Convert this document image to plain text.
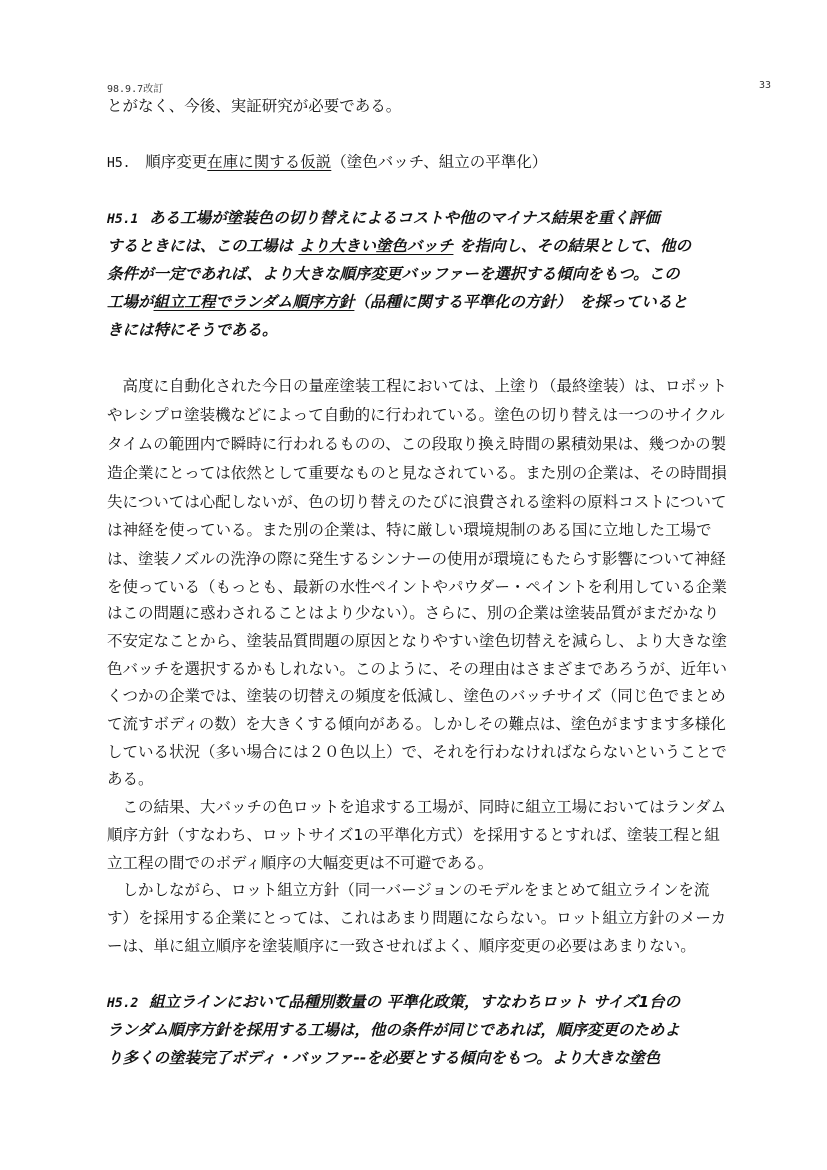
98.9.7改訂	33
とがなく、今後、実証研究が必要である。
H5. 順序変更在庫に関する仮説（塗色バッチ、組立の平準化）
H5.1 ある工場が塗装色の切り替えによるコストや他のマイナス結果を重く評価
するときには、この工場は より大きい塗色バッチ を指向し、その結果として、他の
条件が一定であれば、より大きな順序変更バッファーを選択する傾向をもつ。この
工場が組立工程でランダム順序方針（品種に関する平準化の方針）　を採っていると
きには特にそうである。
　高度に自動化された今日の量産塗装工程においては、上塗り（最終塗装）は、ロボット
やレシプロ塗装機などによって自動的に行われている。塗色の切り替えは一つのサイクル
タイムの範囲内で瞬時に行われるものの、この段取り換え時間の累積効果は、幾つかの製
造企業にとっては依然として重要なものと見なされている。また別の企業は、その時間損
失については心配しないが、色の切り替えのたびに浪費される塗料の原料コストについて
は神経を使っている。また別の企業は、特に厳しい環境規制のある国に立地した工場で
は、塗装ノズルの洗浄の際に発生するシンナーの使用が環境にもたらす影響について神経
を使っている（もっとも、最新の水性ペイントやパウダー・ペイントを利用している企業
はこの問題に惑わされることはより少ない）。さらに、別の企業は塗装品質がまだかなり
不安定なことから、塗装品質問題の原因となりやすい塗色切替えを減らし、より大きな塗
色バッチを選択するかもしれない。このように、その理由はさまざまであろうが、近年い
くつかの企業では、塗装の切替えの頻度を低減し、塗色のバッチサイズ（同じ色でまとめ
て流すボディの数）を大きくする傾向がある。しかしその難点は、塗色がますます多様化
している状況（多い場合には２０色以上）で、それを行わなければならないということで
ある。
　この結果、大バッチの色ロットを追求する工場が、同時に組立工場においてはランダム
順序方針（すなわち、ロットサイズ1の平準化方式）を採用するとすれば、塗装工程と組
立工程の間でのボディ順序の大幅変更は不可避である。
　しかしながら、ロット組立方針（同一バージョンのモデルをまとめて組立ラインを流
す）を採用する企業にとっては、これはあまり問題にならない。ロット組立方針のメーカ
ーは、単に組立順序を塗装順序に一致させればよく、順序変更の必要はあまりない。
H5.2 組立ラインにおいて品種別数量の 平準化政策，すなわちロット サイズ1台の
ランダム順序方針を採用する工場は，他の条件が同じであれば，順序変更のためよ
り多くの塗装完了ボディ・バッファ--を必要とする傾向をもつ。より大きな塗色
